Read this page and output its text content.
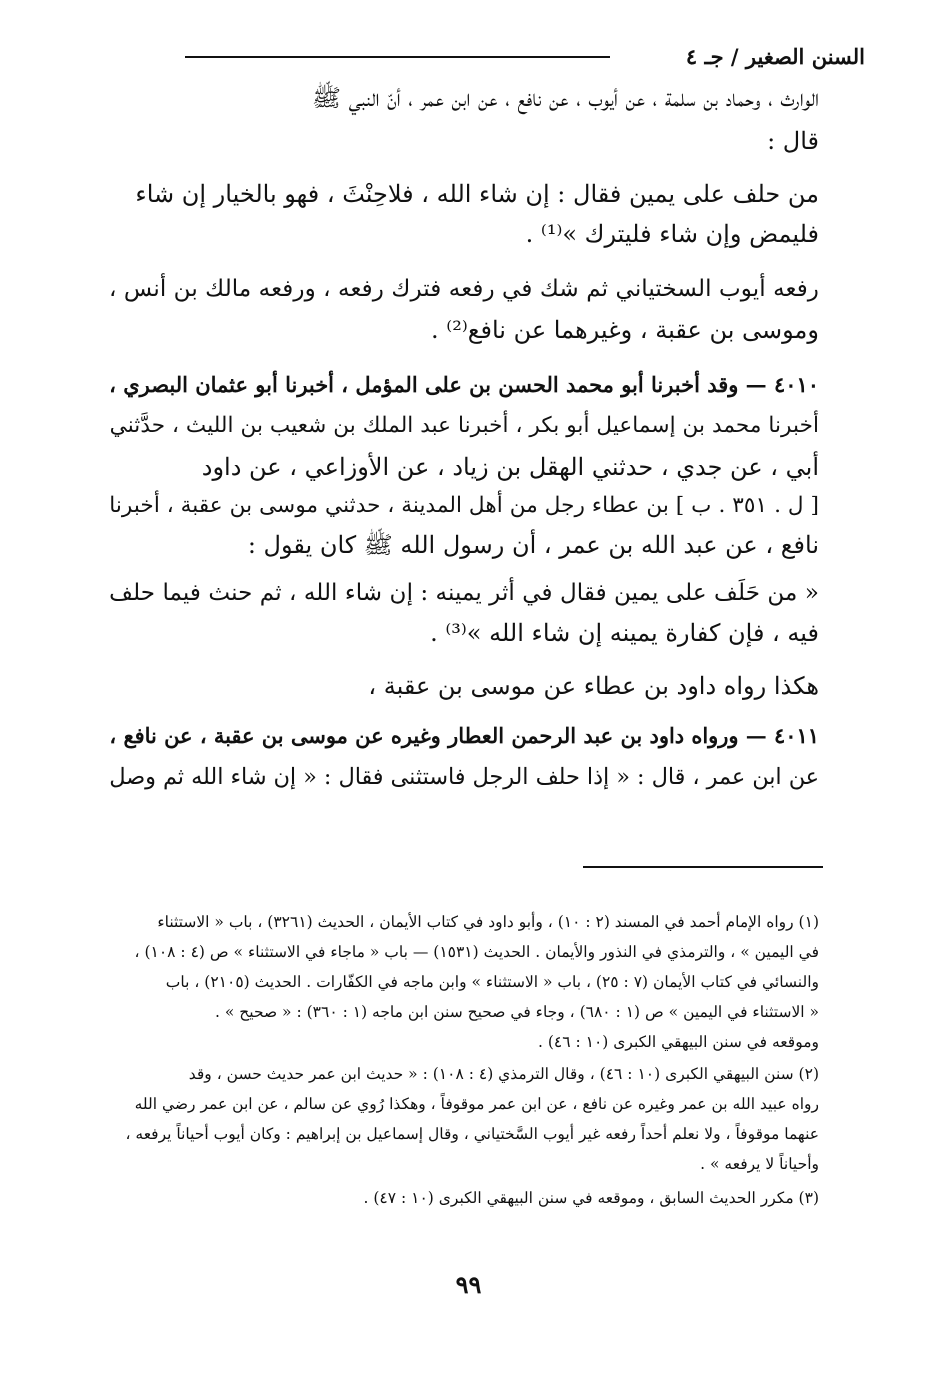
السنن الصغير / جـ ٤
الوارث ، وحماد بن سلمة ، عن أيوب ، عن نافع ، عن ابن عمر ، أنّ النبي ﷺ
قال :
من حلف على يمين فقال : إن شاء الله ، فلاحِنْثَ ، فهو بالخيار إن شاء
فليمض وإن شاء فليترك »⁽¹⁾ .
رفعه أيوب السختياني ثم شك في رفعه فترك رفعه ، ورفعه مالك بن أنس ،
وموسى بن عقبة ، وغيرهما عن نافع⁽²⁾ .
٤٠١٠ — وقد أخبرنا أبو محمد الحسن بن على المؤمل ، أخبرنا أبو عثمان البصري ،
أخبرنا محمد بن إسماعيل أبو بكر ، أخبرنا عبد الملك بن شعيب بن الليث ، حدَّثني
أبي ، عن جدي ، حدثني الهقل بن زياد ، عن الأوزاعي ، عن داود
[ ل . ٣٥١ . ب ] بن عطاء رجل من أهل المدينة ، حدثني موسى بن عقبة ، أخبرنا
نافع ، عن عبد الله بن عمر ، أن رسول الله ﷺ كان يقول :
« من حَلَف على يمين فقال في أثر يمينه : إن شاء الله ، ثم حنث فيما حلف
فيه ، فإن كفارة يمينه إن شاء الله »⁽³⁾ .
هكذا رواه داود بن عطاء عن موسى بن عقبة ،
٤٠١١ — ورواه داود بن عبد الرحمن العطار وغيره عن موسى بن عقبة ، عن نافع ،
عن ابن عمر ، قال : « إذا حلف الرجل فاستثنى فقال : « إن شاء الله ثم وصل
(١) رواه الإمام أحمد في المسند (٢ : ١٠) ، وأبو داود في كتاب الأيمان ، الحديث (٣٢٦١) ، باب « الاستثناء
في اليمين » ، والترمذي في النذور والأيمان . الحديث (١٥٣١) — باب « ماجاء في الاستثناء » ص (٤ : ١٠٨) ،
والنسائي في كتاب الأيمان (٧ : ٢٥) ، باب « الاستثناء » وابن ماجه في الكفّارات . الحديث (٢١٠٥) ، باب
« الاستثناء في اليمين » ص (١ : ٦٨٠) ، وجاء في صحيح سنن ابن ماجه (١ : ٣٦٠) : « صحيح » .
وموقعه في سنن البيهقي الكبرى (١٠ : ٤٦) .
(٢) سنن البيهقي الكبرى (١٠ : ٤٦) ، وقال الترمذي (٤ : ١٠٨) : « حديث ابن عمر حديث حسن ، وقد
رواه عبيد الله بن عمر وغيره عن نافع ، عن ابن عمر موقوفاً ، وهكذا رُوي عن سالم ، عن ابن عمر رضي الله
عنهما موقوفاً ، ولا نعلم أحداً رفعه غير أيوب السَّختياني ، وقال إسماعيل بن إبراهيم : وكان أيوب أحياناً يرفعه ،
وأحياناً لا يرفعه » .
(٣) مكرر الحديث السابق ، وموقعه في سنن البيهقي الكبرى (١٠ : ٤٧) .
٩٩
